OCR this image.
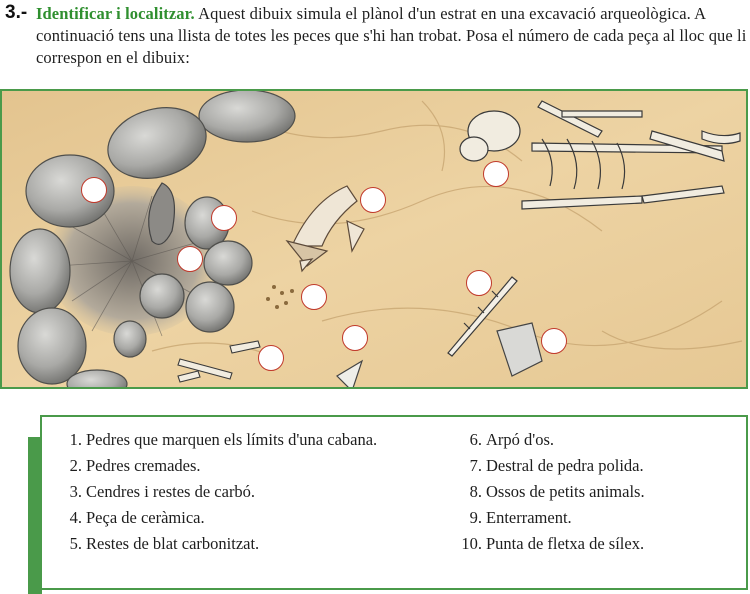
3.- Identificar i localitzar. Aquest dibuix simula el plànol d'un estrat en una excavació arqueològica. A continuació tens una llista de totes les peces que s'hi han trobat. Posa el número de cada peça al lloc que li correspon en el dibuix:
1. Pedres que marquen els límits d'una cabana.
2. Pedres cremades.
3. Cendres i restes de carbó.
4. Peça de ceràmica.
5. Restes de blat carbonitzat.
6. Arpó d'os.
7. Destral de pedra polida.
8. Ossos de petits animals.
9. Enterrament.
10. Punta de fletxa de sílex.
